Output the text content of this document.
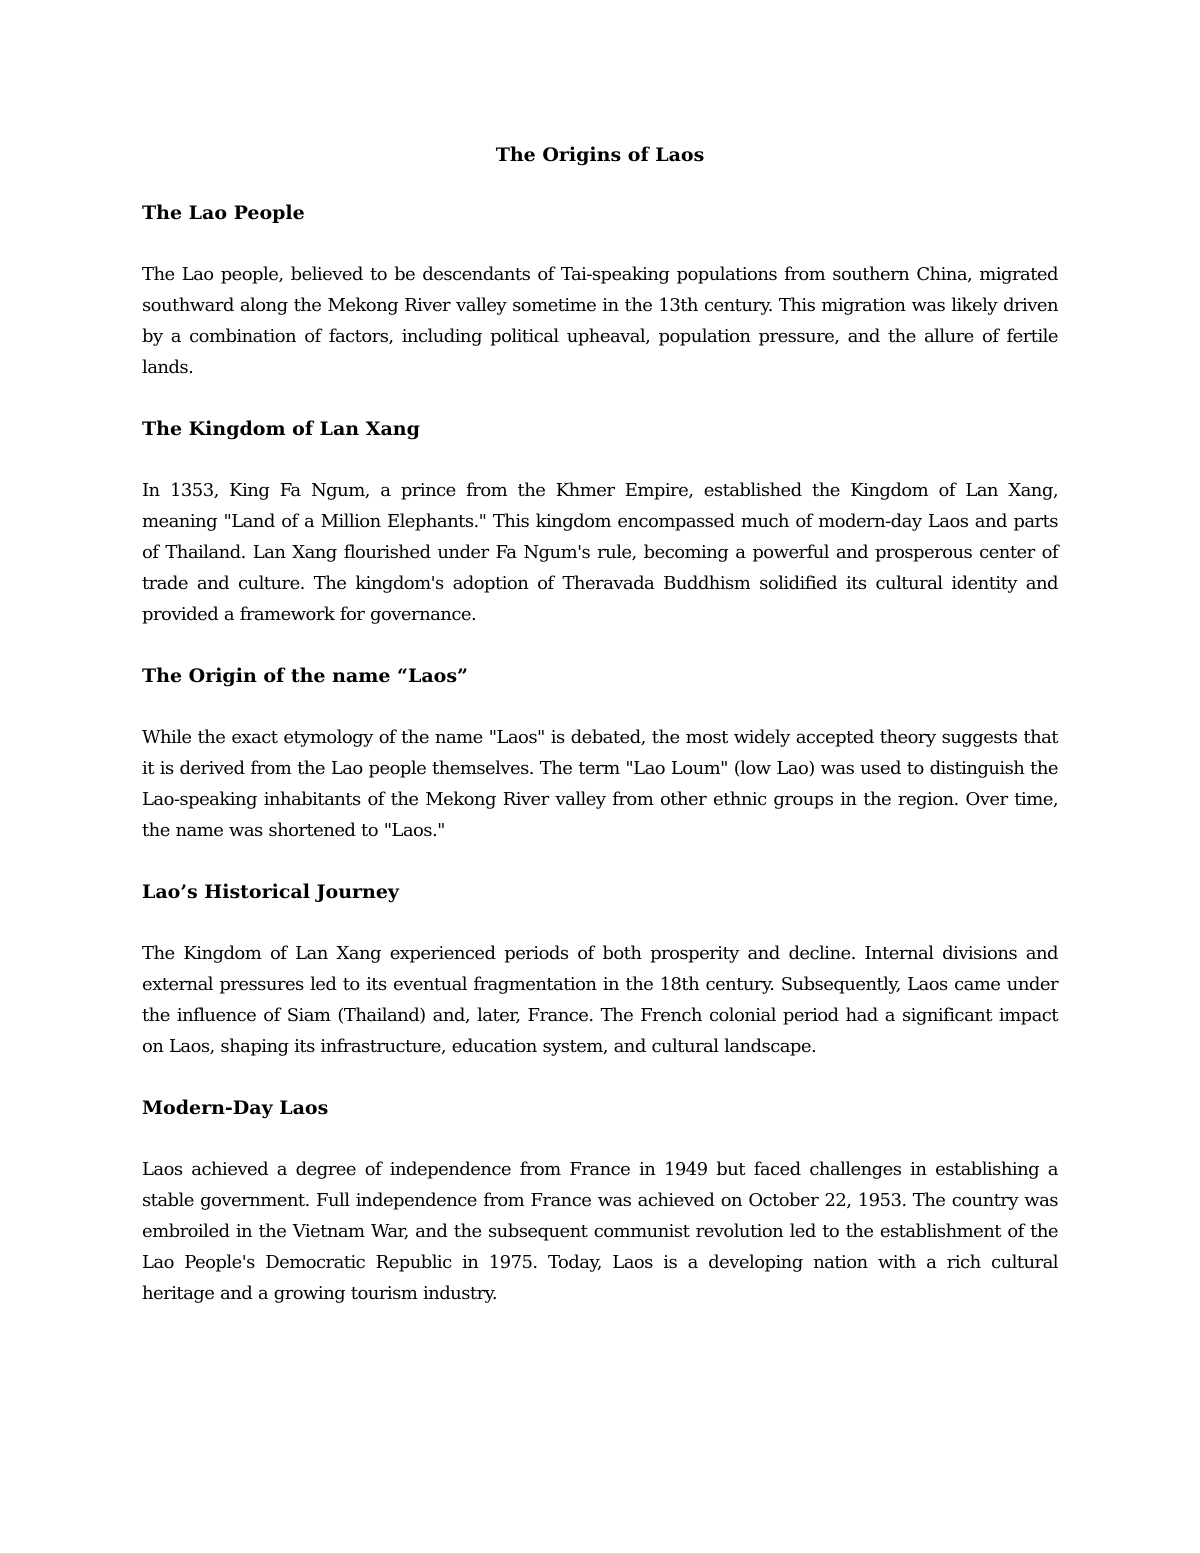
The Origins of Laos
The Lao People

The Lao people, believed to be descendants of Tai-speaking populations from southern China, migrated southward along the Mekong River valley sometime in the 13th century. This migration was likely driven by a combination of factors, including political upheaval, population pressure, and the allure of fertile lands.

The Kingdom of Lan Xang

In 1353, King Fa Ngum, a prince from the Khmer Empire, established the Kingdom of Lan Xang, meaning "Land of a Million Elephants." This kingdom encompassed much of modern-day Laos and parts of Thailand. Lan Xang flourished under Fa Ngum's rule, becoming a powerful and prosperous center of trade and culture. The kingdom's adoption of Theravada Buddhism solidified its cultural identity and provided a framework for governance.

The Origin of the name “Laos”

While the exact etymology of the name "Laos" is debated, the most widely accepted theory suggests that it is derived from the Lao people themselves. The term "Lao Loum" (low Lao) was used to distinguish the Lao-speaking inhabitants of the Mekong River valley from other ethnic groups in the region. Over time, the name was shortened to "Laos."

Lao’s Historical Journey

The Kingdom of Lan Xang experienced periods of both prosperity and decline. Internal divisions and external pressures led to its eventual fragmentation in the 18th century. Subsequently, Laos came under the influence of Siam (Thailand) and, later, France. The French colonial period had a significant impact on Laos, shaping its infrastructure, education system, and cultural landscape.

Modern-Day Laos

Laos achieved a degree of independence from France in 1949 but faced challenges in establishing a stable government. Full independence from France was achieved on October 22, 1953. The country was embroiled in the Vietnam War, and the subsequent communist revolution led to the establishment of the Lao People's Democratic Republic in 1975. Today, Laos is a developing nation with a rich cultural heritage and a growing tourism industry.
